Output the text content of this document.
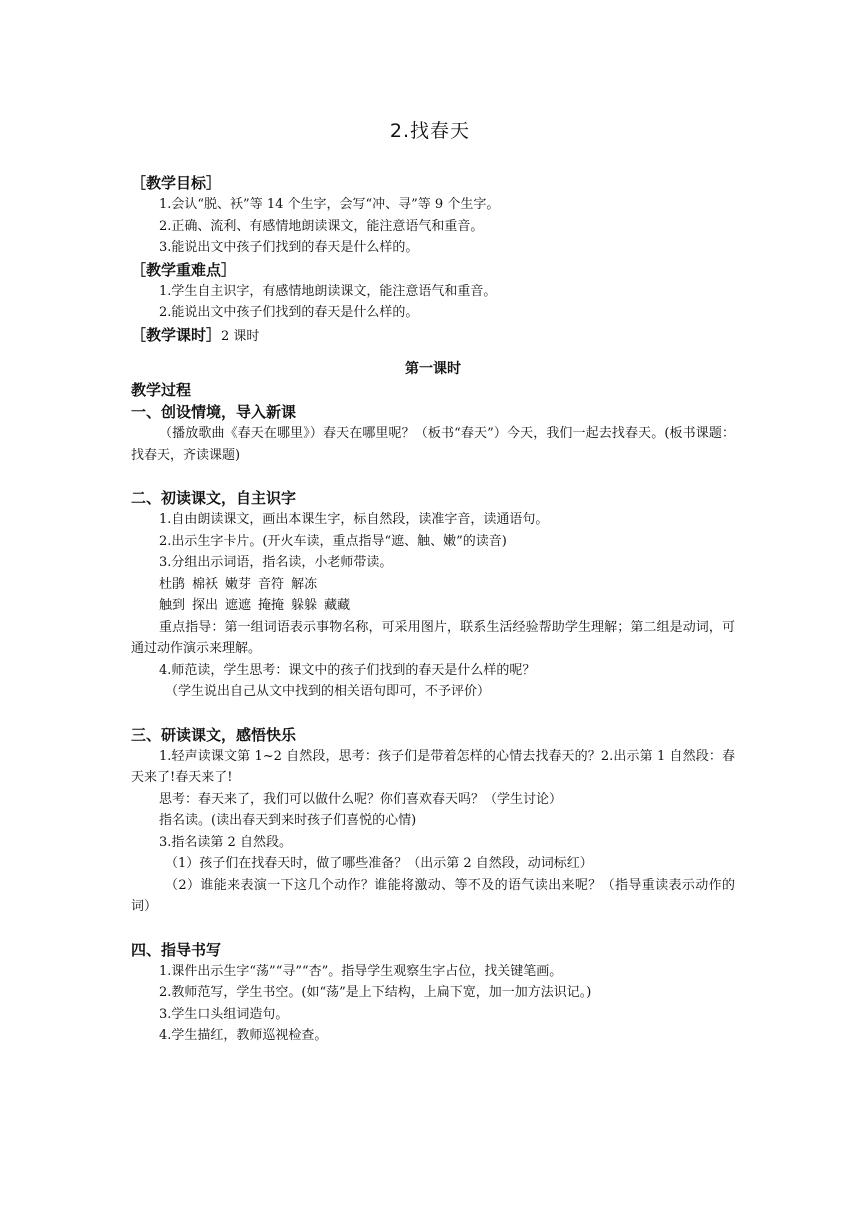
2.找春天
［教学目标］
1.会认“脱、袄”等 14 个生字，会写“冲、寻”等 9 个生字。
2.正确、流利、有感情地朗读课文，能注意语气和重音。
3.能说出文中孩子们找到的春天是什么样的。
［教学重难点］
1.学生自主识字，有感情地朗读课文，能注意语气和重音。
2.能说出文中孩子们找到的春天是什么样的。
［教学课时］2 课时
第一课时
教学过程
一、创设情境，导入新课
（播放歌曲《春天在哪里》）春天在哪里呢？（板书“春天”）今天，我们一起去找春天。(板书课题：找春天，齐读课题)
二、初读课文，自主识字
1.自由朗读课文，画出本课生字，标自然段，读准字音，读通语句。
2.出示生字卡片。(开火车读，重点指导“遮、触、嫩”的读音)
3.分组出示词语，指名读，小老师带读。
杜鹃 棉袄 嫩芽 音符 解冻
触到 探出 遮遮 掩掩 躲躲 藏藏
重点指导：第一组词语表示事物名称，可采用图片，联系生活经验帮助学生理解；第二组是动词，可通过动作演示来理解。
4.师范读，学生思考：课文中的孩子们找到的春天是什么样的呢？
（学生说出自己从文中找到的相关语句即可，不予评价）
三、研读课文，感悟快乐
1.轻声读课文第 1~2 自然段，思考：孩子们是带着怎样的心情去找春天的？2.出示第 1 自然段：春天来了!春天来了!
思考：春天来了，我们可以做什么呢？你们喜欢春天吗？（学生讨论）
指名读。(读出春天到来时孩子们喜悦的心情)
3.指名读第 2 自然段。
（1）孩子们在找春天时，做了哪些准备？（出示第 2 自然段，动词标红）
（2）谁能来表演一下这几个动作？谁能将激动、等不及的语气读出来呢？（指导重读表示动作的词）
四、指导书写
1.课件出示生字“荡”“寻”“杏”。指导学生观察生字占位，找关键笔画。
2.教师范写，学生书空。(如“荡”是上下结构，上扁下宽，加一加方法识记。)
3.学生口头组词造句。
4.学生描红，教师巡视检查。
